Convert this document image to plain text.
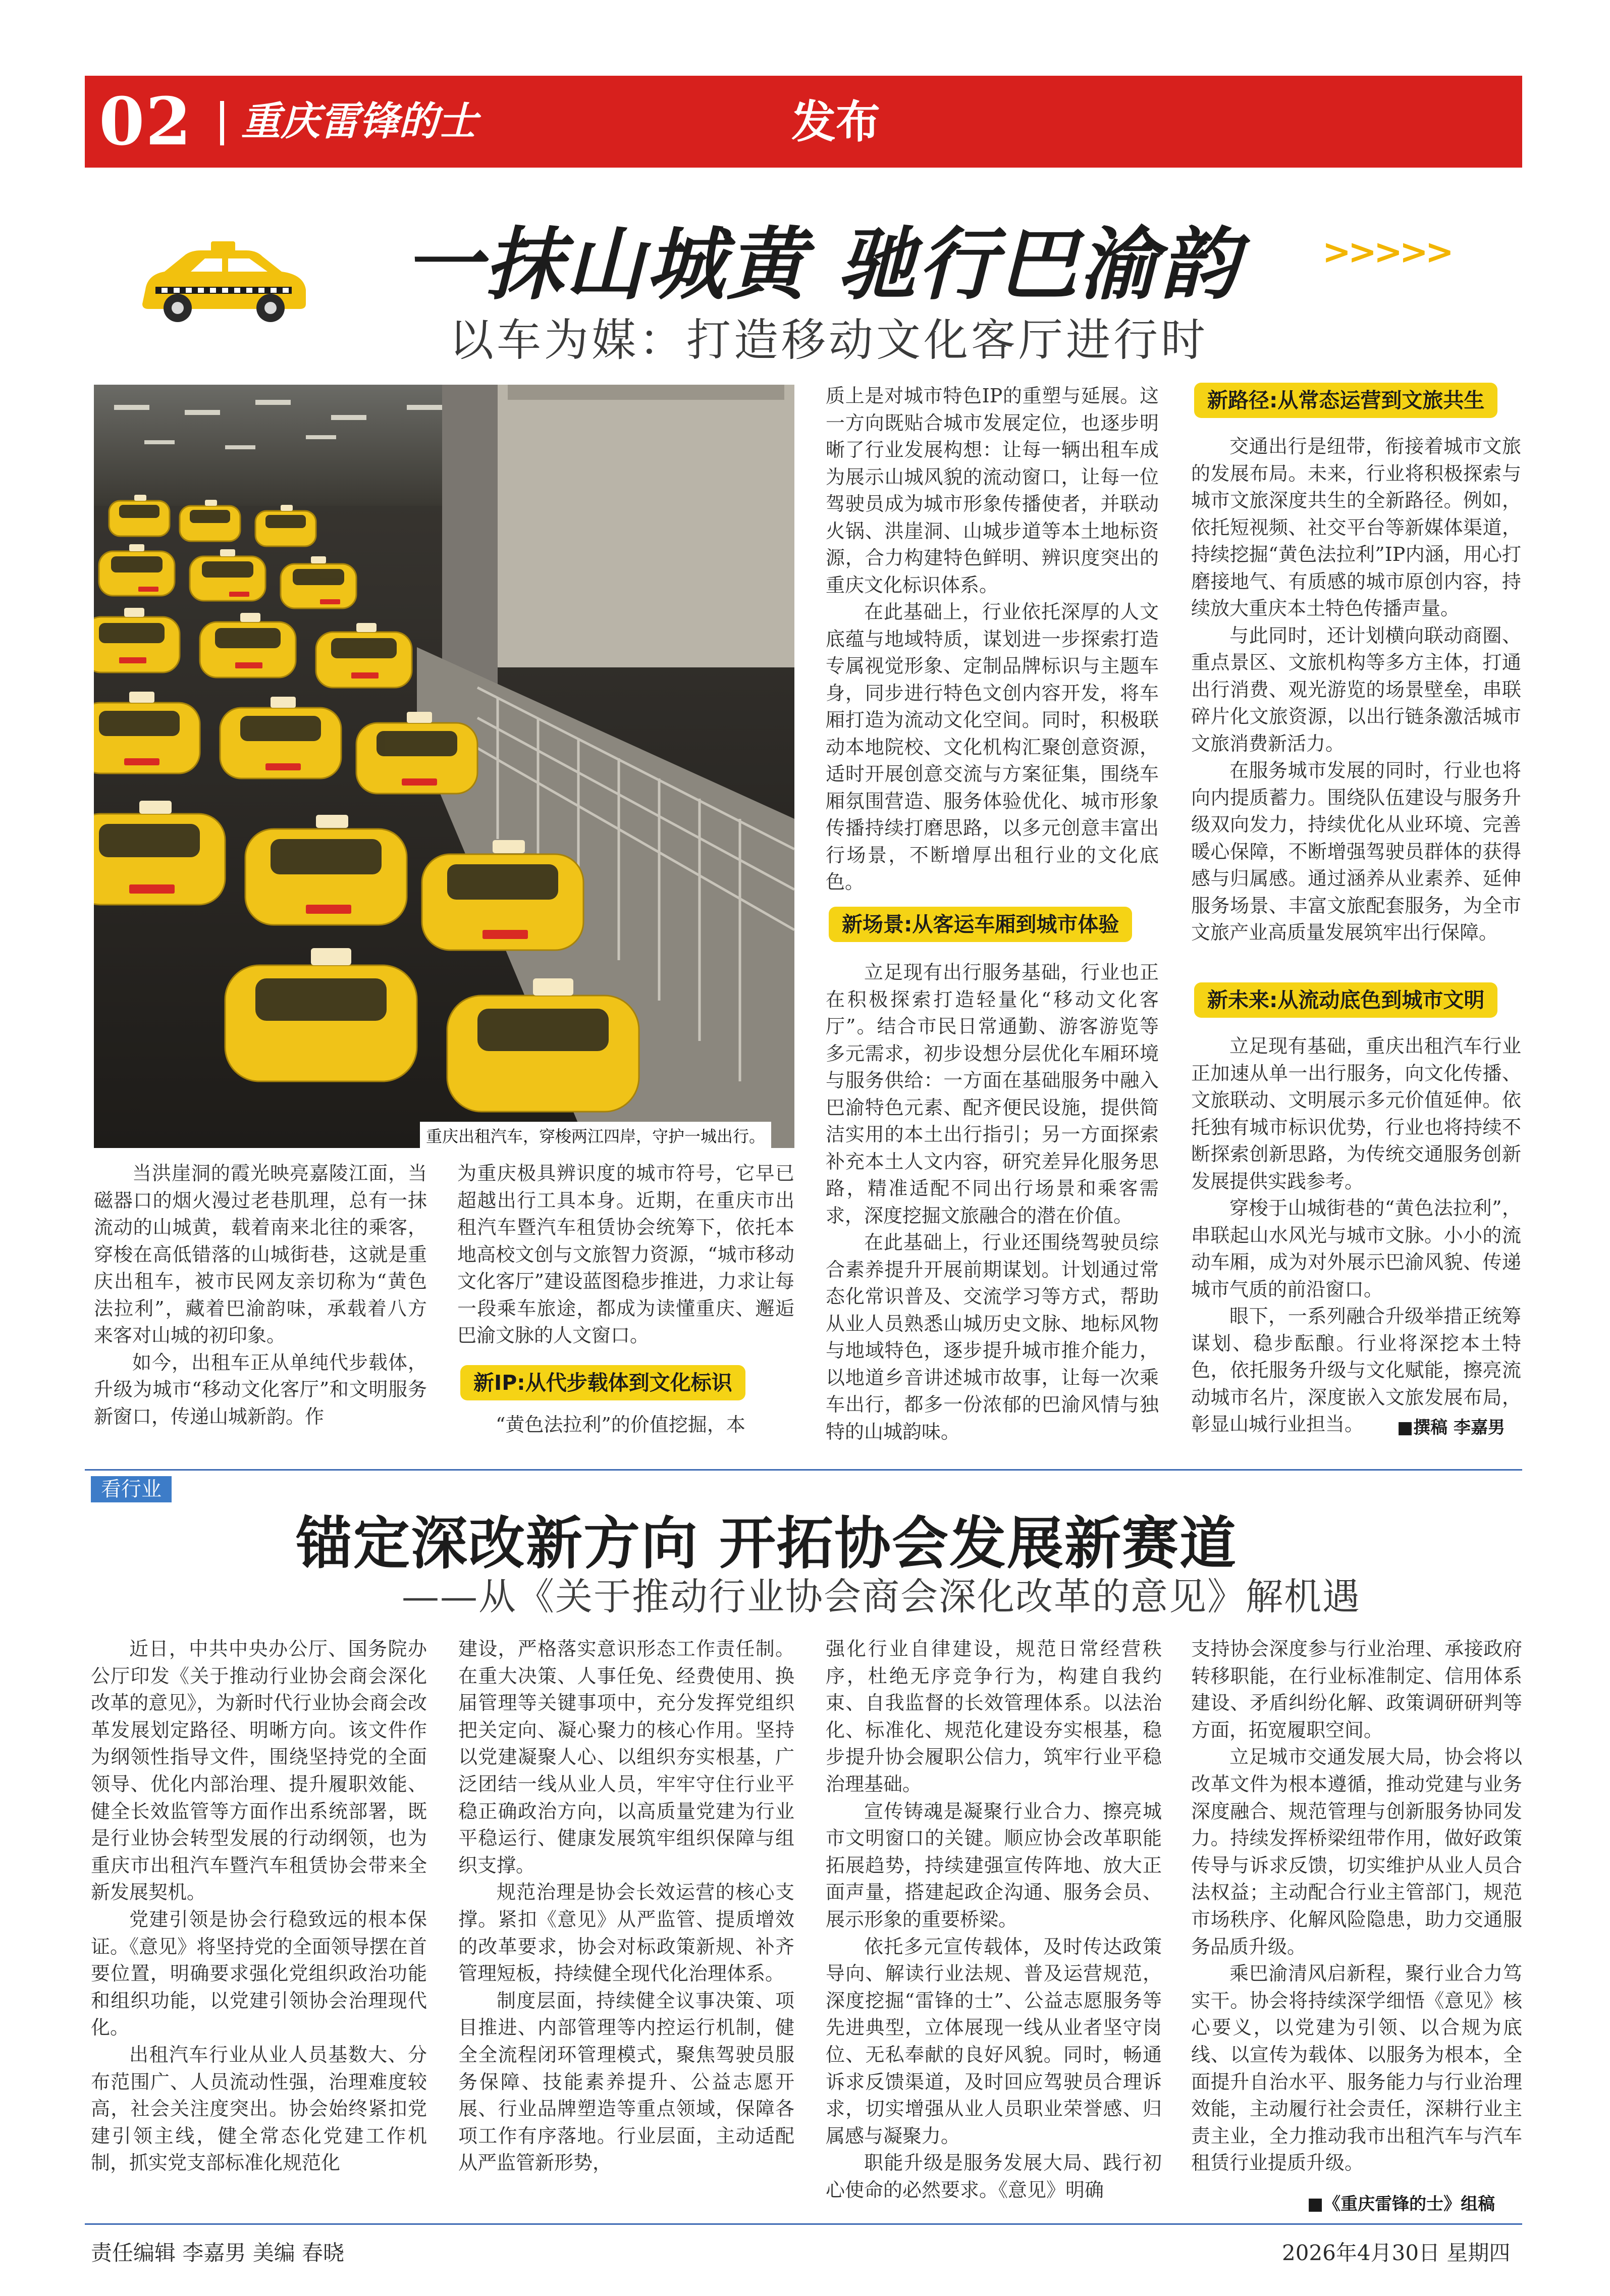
02 重庆雷锋的士	发布
一抹山城黄 驰行巴渝韵	>>>>>
以车为媒：打造移动文化客厅进行时
重庆出租汽车，穿梭两江四岸，守护一城出行。

当洪崖洞的霞光映亮嘉陵江面，当磁器口的烟火漫过老巷肌理，总有一抹流动的山城黄，载着南来北往的乘客，穿梭在高低错落的山城街巷，这就是重庆出租车，被市民网友亲切称为“黄色法拉利”，藏着巴渝韵味，承载着八方来客对山城的初印象。

如今，出租车正从单纯代步载体，升级为城市“移动文化客厅”和文明服务新窗口，传递山城新韵。作

为重庆极具辨识度的城市符号，它早已超越出行工具本身。近期，在重庆市出租汽车暨汽车租赁协会统筹下，依托本地高校文创与文旅智力资源，“城市移动文化客厅”建设蓝图稳步推进，力求让每一段乘车旅途，都成为读懂重庆、邂逅巴渝文脉的人文窗口。

新IP:从代步载体到文化标识

“黄色法拉利”的价值挖掘，本

质上是对城市特色IP的重塑与延展。这一方向既贴合城市发展定位，也逐步明晰了行业发展构想：让每一辆出租车成为展示山城风貌的流动窗口，让每一位驾驶员成为城市形象传播使者，并联动火锅、洪崖洞、山城步道等本土地标资源，合力构建特色鲜明、辨识度突出的重庆文化标识体系。

在此基础上，行业依托深厚的人文底蕴与地域特质，谋划进一步探索打造专属视觉形象、定制品牌标识与主题车身，同步进行特色文创内容开发，将车厢打造为流动文化空间。同时，积极联动本地院校、文化机构汇聚创意资源，适时开展创意交流与方案征集，围绕车厢氛围营造、服务体验优化、城市形象传播持续打磨思路，以多元创意丰富出行场景，不断增厚出租行业的文化底色。

新场景:从客运车厢到城市体验

立足现有出行服务基础，行业也正在积极探索打造轻量化“移动文化客厅”。结合市民日常通勤、游客游览等多元需求，初步设想分层优化车厢环境与服务供给：一方面在基础服务中融入巴渝特色元素、配齐便民设施，提供简洁实用的本土出行指引；另一方面探索补充本土人文内容，研究差异化服务思路，精准适配不同出行场景和乘客需求，深度挖掘文旅融合的潜在价值。

在此基础上，行业还围绕驾驶员综合素养提升开展前期谋划。计划通过常态化常识普及、交流学习等方式，帮助从业人员熟悉山城历史文脉、地标风物与地域特色，逐步提升城市推介能力，以地道乡音讲述城市故事，让每一次乘车出行，都多一份浓郁的巴渝风情与独特的山城韵味。

新路径:从常态运营到文旅共生

交通出行是纽带，衔接着城市文旅的发展布局。未来，行业将积极探索与城市文旅深度共生的全新路径。例如，依托短视频、社交平台等新媒体渠道，持续挖掘“黄色法拉利”IP内涵，用心打磨接地气、有质感的城市原创内容，持续放大重庆本土特色传播声量。

与此同时，还计划横向联动商圈、重点景区、文旅机构等多方主体，打通出行消费、观光游览的场景壁垒，串联碎片化文旅资源，以出行链条激活城市文旅消费新活力。

在服务城市发展的同时，行业也将向内提质蓄力。围绕队伍建设与服务升级双向发力，持续优化从业环境、完善暖心保障，不断增强驾驶员群体的获得感与归属感。通过涵养从业素养、延伸服务场景、丰富文旅配套服务，为全市文旅产业高质量发展筑牢出行保障。

新未来:从流动底色到城市文明

立足现有基础，重庆出租汽车行业正加速从单一出行服务，向文化传播、文旅联动、文明展示多元价值延伸。依托独有城市标识优势，行业也将持续不断探索创新思路，为传统交通服务创新发展提供实践参考。

穿梭于山城街巷的“黄色法拉利”，串联起山水风光与城市文脉。小小的流动车厢，成为对外展示巴渝风貌、传递城市气质的前沿窗口。

眼下，一系列融合升级举措正统筹谋划、稳步酝酿。行业将深挖本土特色，依托服务升级与文化赋能，擦亮流动城市名片，深度嵌入文旅发展布局，彰显山城行业担当。	■撰稿 李嘉男
看行业
锚定深改新方向 开拓协会发展新赛道
——从《关于推动行业协会商会深化改革的意见》解机遇

近日，中共中央办公厅、国务院办公厅印发《关于推动行业协会商会深化改革的意见》，为新时代行业协会商会改革发展划定路径、明晰方向。该文件作为纲领性指导文件，围绕坚持党的全面领导、优化内部治理、提升履职效能、健全长效监管等方面作出系统部署，既是行业协会转型发展的行动纲领，也为重庆市出租汽车暨汽车租赁协会带来全新发展契机。

党建引领是协会行稳致远的根本保证。《意见》将坚持党的全面领导摆在首要位置，明确要求强化党组织政治功能和组织功能，以党建引领协会治理现代化。

出租汽车行业从业人员基数大、分布范围广、人员流动性强，治理难度较高，社会关注度突出。协会始终紧扣党建引领主线，健全常态化党建工作机制，抓实党支部标准化规范化

建设，严格落实意识形态工作责任制。在重大决策、人事任免、经费使用、换届管理等关键事项中，充分发挥党组织把关定向、凝心聚力的核心作用。坚持以党建凝聚人心、以组织夯实根基，广泛团结一线从业人员，牢牢守住行业平稳正确政治方向，以高质量党建为行业平稳运行、健康发展筑牢组织保障与组织支撑。

规范治理是协会长效运营的核心支撑。紧扣《意见》从严监管、提质增效的改革要求，协会对标政策新规、补齐管理短板，持续健全现代化治理体系。

制度层面，持续健全议事决策、项目推进、内部管理等内控运行机制，健全全流程闭环管理模式，聚焦驾驶员服务保障、技能素养提升、公益志愿开展、行业品牌塑造等重点领域，保障各项工作有序落地。行业层面，主动适配从严监管新形势，

强化行业自律建设，规范日常经营秩序，杜绝无序竞争行为，构建自我约束、自我监督的长效管理体系。以法治化、标准化、规范化建设夯实根基，稳步提升协会履职公信力，筑牢行业平稳治理基础。

宣传铸魂是凝聚行业合力、擦亮城市文明窗口的关键。顺应协会改革职能拓展趋势，持续建强宣传阵地、放大正面声量，搭建起政企沟通、服务会员、展示形象的重要桥梁。

依托多元宣传载体，及时传达政策导向、解读行业法规、普及运营规范，深度挖掘“雷锋的士”、公益志愿服务等先进典型，立体展现一线从业者坚守岗位、无私奉献的良好风貌。同时，畅通诉求反馈渠道，及时回应驾驶员合理诉求，切实增强从业人员职业荣誉感、归属感与凝聚力。

职能升级是服务发展大局、践行初心使命的必然要求。《意见》明确

支持协会深度参与行业治理、承接政府转移职能，在行业标准制定、信用体系建设、矛盾纠纷化解、政策调研研判等方面，拓宽履职空间。

立足城市交通发展大局，协会将以改革文件为根本遵循，推动党建与业务深度融合、规范管理与创新服务协同发力。持续发挥桥梁纽带作用，做好政策传导与诉求反馈，切实维护从业人员合法权益；主动配合行业主管部门，规范市场秩序、化解风险隐患，助力交通服务品质升级。

乘巴渝清风启新程，聚行业合力笃实干。协会将持续深学细悟《意见》核心要义，以党建为引领、以合规为底线、以宣传为载体、以服务为根本，全面提升自治水平、服务能力与行业治理效能，主动履行社会责任，深耕行业主责主业，全力推动我市出租汽车与汽车租赁行业提质升级。

■《重庆雷锋的士》组稿
责任编辑 李嘉男 美编 春晓	2026年4月30日 星期四
